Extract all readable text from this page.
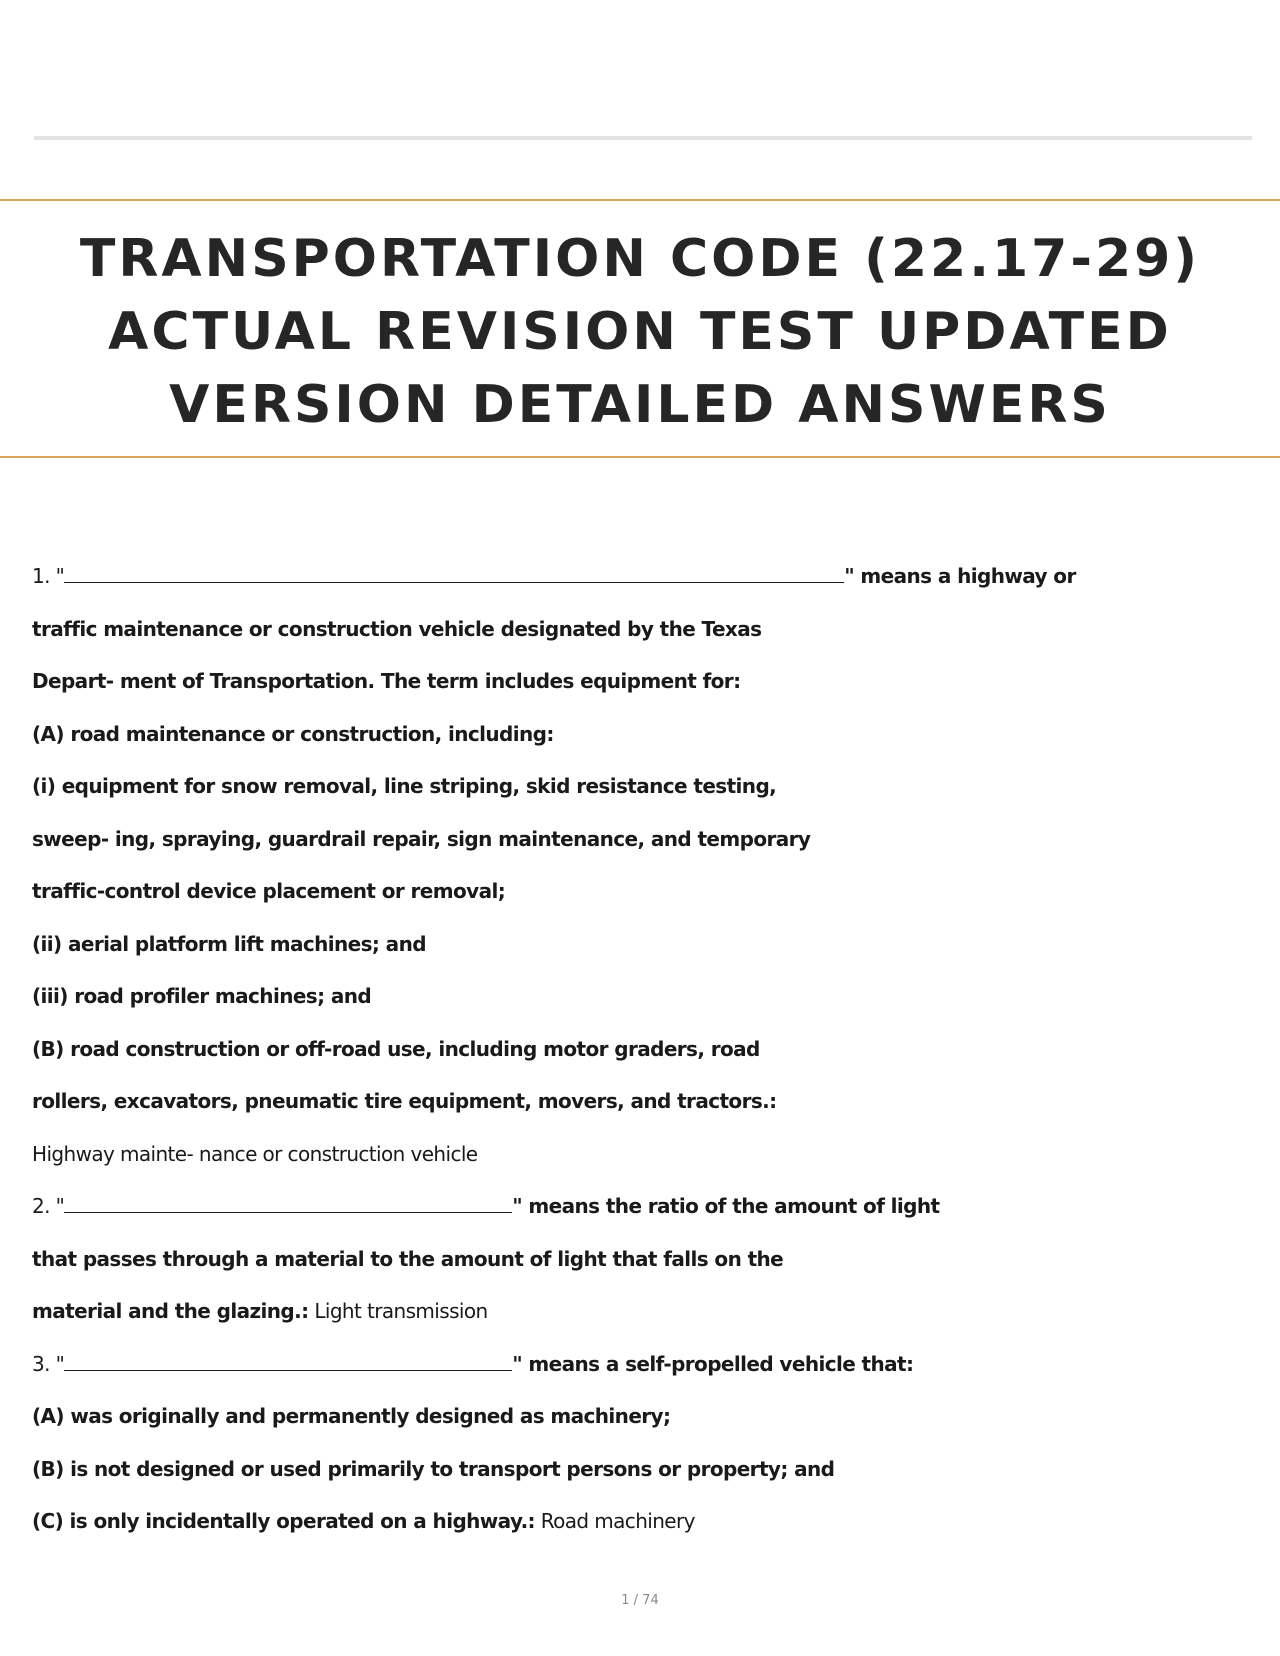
TRANSPORTATION CODE (22.17-29) ACTUAL REVISION TEST UPDATED VERSION DETAILED ANSWERS
1. "	" means a highway or
traffic maintenance or construction vehicle designated by the Texas
Depart- ment of Transportation. The term includes equipment for:
(A) road maintenance or construction, including:
(i) equipment for snow removal, line striping, skid resistance testing,
sweep- ing, spraying, guardrail repair, sign maintenance, and temporary
traffic-control device placement or removal;
(ii) aerial platform lift machines; and
(iii) road profiler machines; and
(B) road construction or off-road use, including motor graders, road
rollers, excavators, pneumatic tire equipment, movers, and tractors.:
Highway mainte- nance or construction vehicle
2. "	" means the ratio of the amount of light
that passes through a material to the amount of light that falls on the
material and the glazing.: Light transmission
3. "	" means a self-propelled vehicle that:
(A) was originally and permanently designed as machinery;
(B) is not designed or used primarily to transport persons or property; and
(C) is only incidentally operated on a highway.: Road machinery
1 / 74
